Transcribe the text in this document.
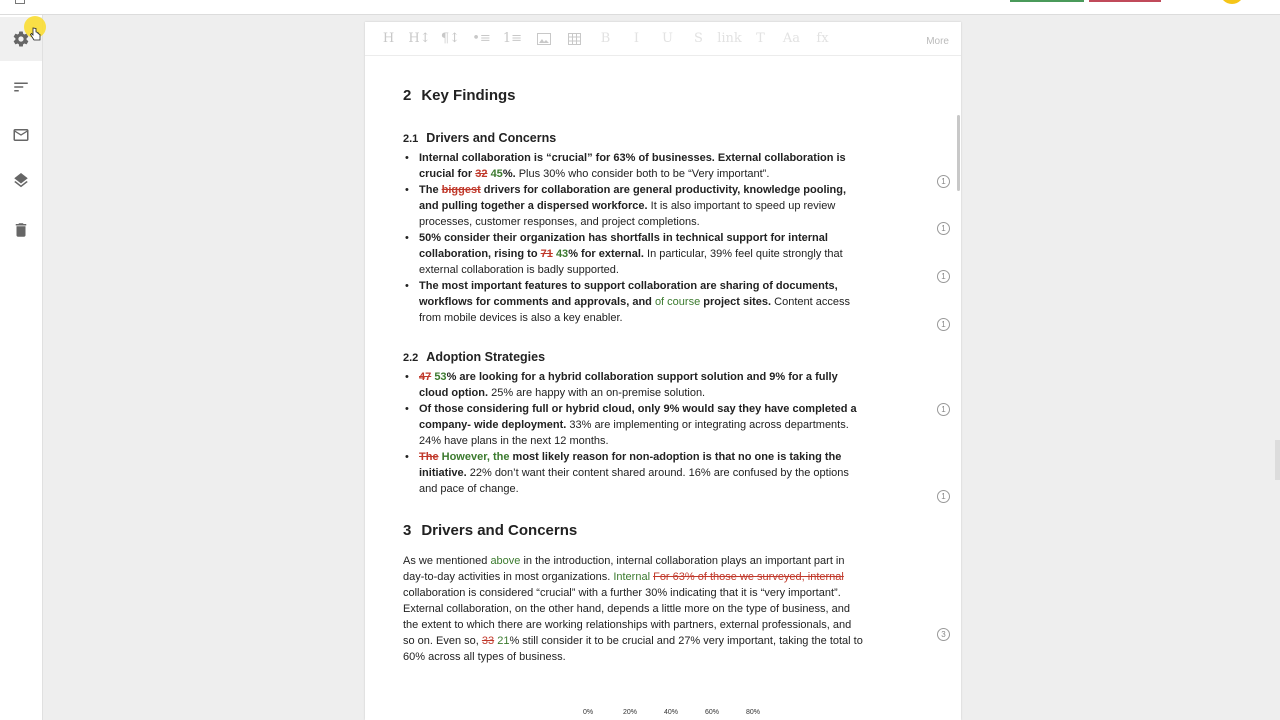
H	H↕ ¶↕ •≡ 1≡	B	I	U	S	link	T	Aa	fx	More
2 Key Findings
2.1 Drivers and Concerns
• Internal collaboration is “crucial” for 63% of businesses. External collaboration is crucial for 32 45%. Plus 30% who consider both to be “Very important”.
• The biggest drivers for collaboration are general productivity, knowledge pooling, and pulling together a dispersed workforce. It is also important to speed up review processes, customer responses, and project completions.
• 50% consider their organization has shortfalls in technical support for internal collaboration, rising to 71 43% for external. In particular, 39% feel quite strongly that external collaboration is badly supported.
• The most important features to support collaboration are sharing of documents, workflows for comments and approvals, and of course project sites. Content access from mobile devices is also a key enabler.
2.2 Adoption Strategies
• 47 53% are looking for a hybrid collaboration support solution and 9% for a fully cloud option. 25% are happy with an on-premise solution.
• Of those considering full or hybrid cloud, only 9% would say they have completed a company- wide deployment. 33% are implementing or integrating across departments. 24% have plans in the next 12 months.
• The However, the most likely reason for non-adoption is that no one is taking the initiative. 22% don’t want their content shared around. 16% are confused by the options and pace of change.
3 Drivers and Concerns

As we mentioned above in the introduction, internal collaboration plays an important part in day-to-day activities in most organizations. Internal For 63% of those we surveyed, internal collaboration is considered “crucial” with a further 30% indicating that it is “very important”. External collaboration, on the other hand, depends a little more on the type of business, and the extent to which there are working relationships with partners, external professionals, and so on. Even so, 33 21% still consider it to be crucial and 27% very important, taking the total to 60% across all types of business.

1
1
1
1
1
1
3
0%	20%	40%	60%	80%
